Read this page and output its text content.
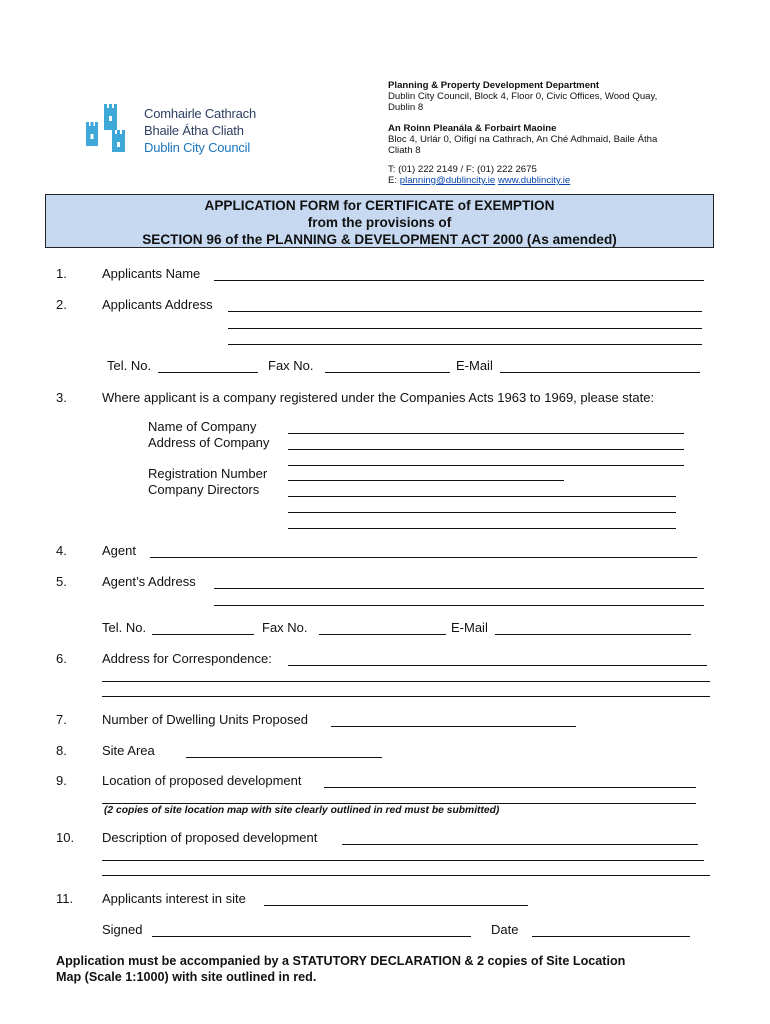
Comhairle Cathrach
Bhaile Átha Cliath
Dublin City Council
Planning & Property Development Department
Dublin City Council, Block 4, Floor 0, Civic Offices, Wood Quay, Dublin 8
An Roinn Pleanála & Forbairt Maoine
Bloc 4, Urlár 0, Oifigí na Cathrach, An Ché Adhmaid, Baile Átha Cliath 8
T: (01) 222 2149 / F: (01) 222 2675
E: planning@dublincity.ie www.dublincity.ie
APPLICATION FORM for CERTIFICATE of EXEMPTION
from the provisions of
SECTION 96 of the PLANNING & DEVELOPMENT ACT 2000 (As amended)
1.	Applicants Name
2.	Applicants Address
Tel. No.	Fax No.	E-Mail
3.	Where applicant is a company registered under the Companies Acts 1963 to 1969, please state:
Name of Company
Address of Company
Registration Number
Company Directors
4.	Agent
5.	Agent’s Address
Tel. No.	Fax No.	E-Mail
6.	Address for Correspondence:
7.	Number of Dwelling Units Proposed
8.	Site Area
9.	Location of proposed development
(2 copies of site location map with site clearly outlined in red must be submitted)
10. Description of proposed development
11. Applicants interest in site
Signed	Date
Application must be accompanied by a STATUTORY DECLARATION & 2 copies of Site Location
Map (Scale 1:1000) with site outlined in red.
